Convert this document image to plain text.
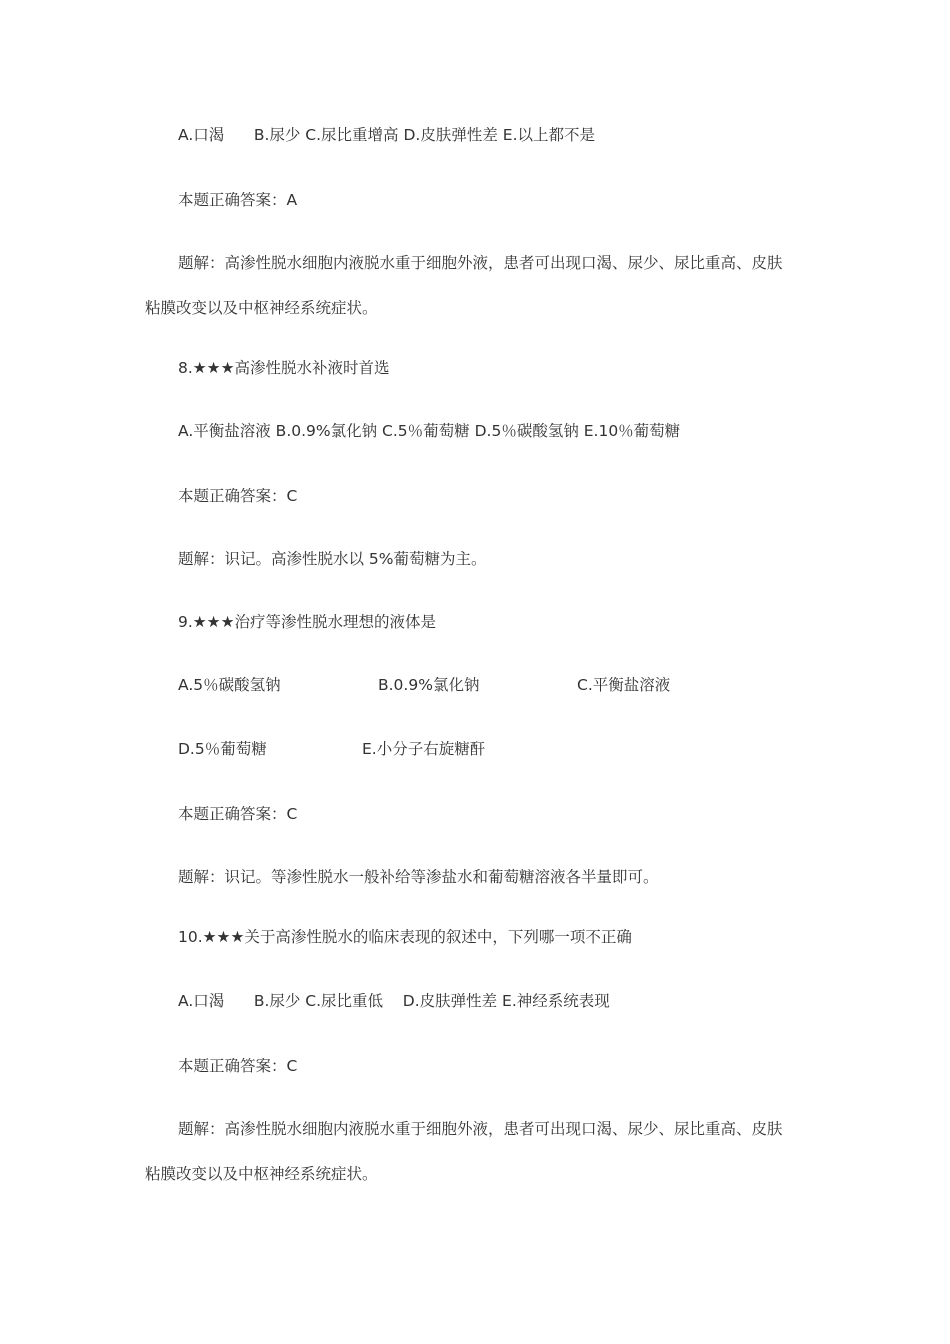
A.口渴      B.尿少 C.尿比重增高 D.皮肤弹性差 E.以上都不是
本题正确答案：A
题解：高渗性脱水细胞内液脱水重于细胞外液，患者可出现口渴、尿少、尿比重高、皮肤
粘膜改变以及中枢神经系统症状。
8.★★★高渗性脱水补液时首选
A.平衡盐溶液 B.0.9%氯化钠 C.5％葡萄糖 D.5％碳酸氢钠 E.10％葡萄糖
本题正确答案：C
题解：识记。高渗性脱水以 5%葡萄糖为主。
9.★★★治疗等渗性脱水理想的液体是
A.5％碳酸氢钠	B.0.9%氯化钠	C.平衡盐溶液
D.5％葡萄糖	E.小分子右旋糖酐
本题正确答案：C
题解：识记。等渗性脱水一般补给等渗盐水和葡萄糖溶液各半量即可。
10.★★★关于高渗性脱水的临床表现的叙述中，下列哪一项不正确
A.口渴      B.尿少 C.尿比重低    D.皮肤弹性差 E.神经系统表现
本题正确答案：C
题解：高渗性脱水细胞内液脱水重于细胞外液，患者可出现口渴、尿少、尿比重高、皮肤
粘膜改变以及中枢神经系统症状。
